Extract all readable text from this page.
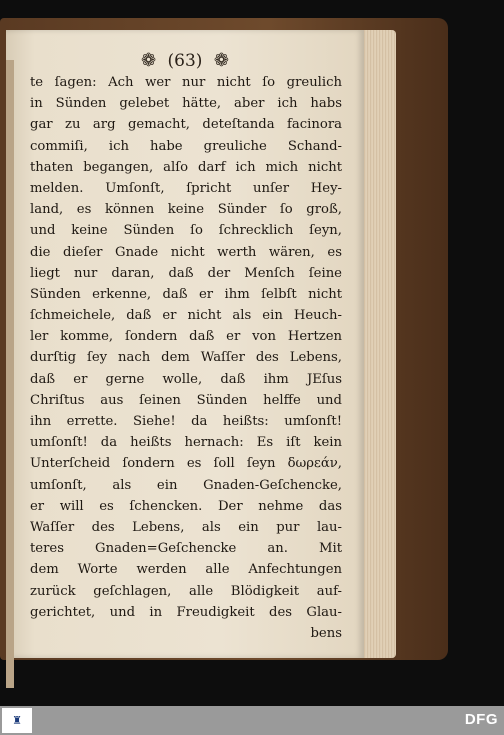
❁ (63) ❁
te ſagen: Ach wer nur nicht ſo greulich
in Sünden gelebet hätte, aber ich habs
gar zu arg gemacht, deteſtanda facinora
commiſi, ich habe greuliche Schand-
thaten begangen, alſo darf ich mich nicht
melden. Umſonſt, ſpricht unſer Hey-
land, es können keine Sünder ſo groß,
und keine Sünden ſo ſchrecklich ſeyn,
die dieſer Gnade nicht werth wären, es
liegt nur daran, daß der Menſch ſeine
Sünden erkenne, daß er ihm ſelbſt nicht
ſchmeichele, daß er nicht als ein Heuch-
ler komme, ſondern daß er von Hertzen
durſtig ſey nach dem Waſſer des Lebens,
daß er gerne wolle, daß ihm JEſus
Chriſtus aus ſeinen Sünden helffe und
ihn errette. Siehe! da heißts: umſonſt!
umſonſt! da heißts hernach: Es iſt kein
Unterſcheid ſondern es ſoll ſeyn δωρεάν,
umſonſt, als ein Gnaden-Geſchencke,
er will es ſchencken. Der nehme das
Waſſer des Lebens, als ein pur lau-
teres Gnaden=Geſchencke an. Mit
dem Worte werden alle Anfechtungen
zurück geſchlagen, alle Blödigkeit auf-
gerichtet, und in Freudigkeit des Glau-
bens
♜	DFG
